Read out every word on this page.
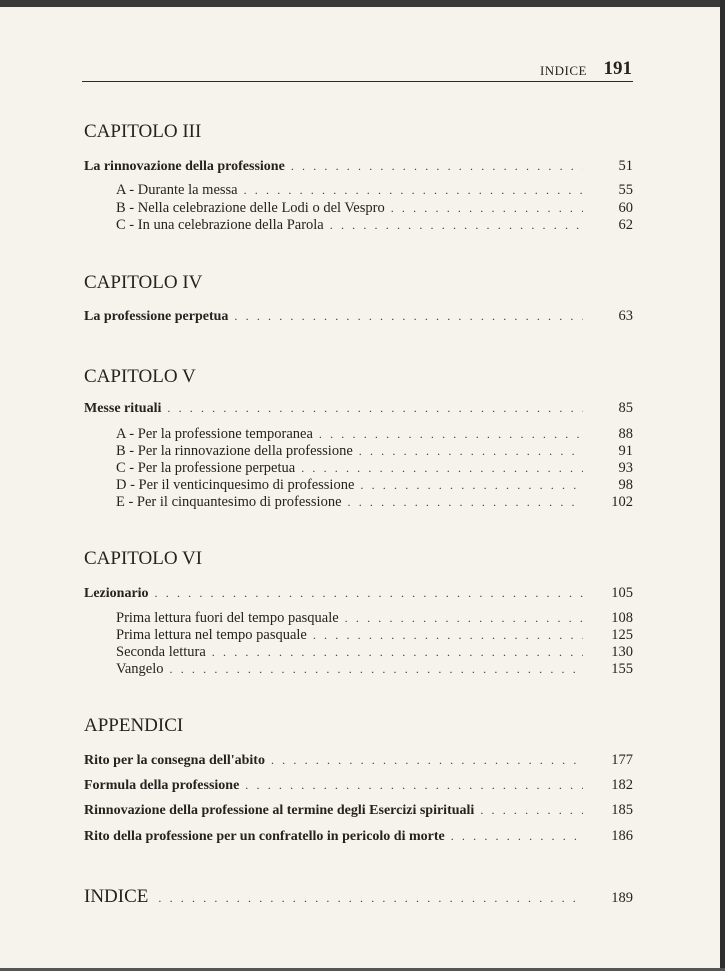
INDICE 191
CAPITOLO III
La rinnovazione della professione . . .	51
A - Durante la messa . . .	55
B - Nella celebrazione delle Lodi o del Vespro . . .	60
C - In una celebrazione della Parola . . .	62
CAPITOLO IV
La professione perpetua . . .	63
CAPITOLO V
Messe rituali . . .	85
A - Per la professione temporanea . . .	88
B - Per la rinnovazione della professione . . .	91
C - Per la professione perpetua . . .	93
D - Per il venticinquesimo di professione . . .	98
E - Per il cinquantesimo di professione . . .	102
CAPITOLO VI
Lezionario . . .	105
Prima lettura fuori del tempo pasquale . . .	108
Prima lettura nel tempo pasquale . . .	125
Seconda lettura . . .	130
Vangelo . . .	155
APPENDICI
Rito per la consegna dell'abito . . .	177
Formula della professione . . .	182
Rinnovazione della professione al termine degli Esercizi spirituali . . .	185
Rito della professione per un confratello in pericolo di morte . . .	186
INDICE . . .	189
